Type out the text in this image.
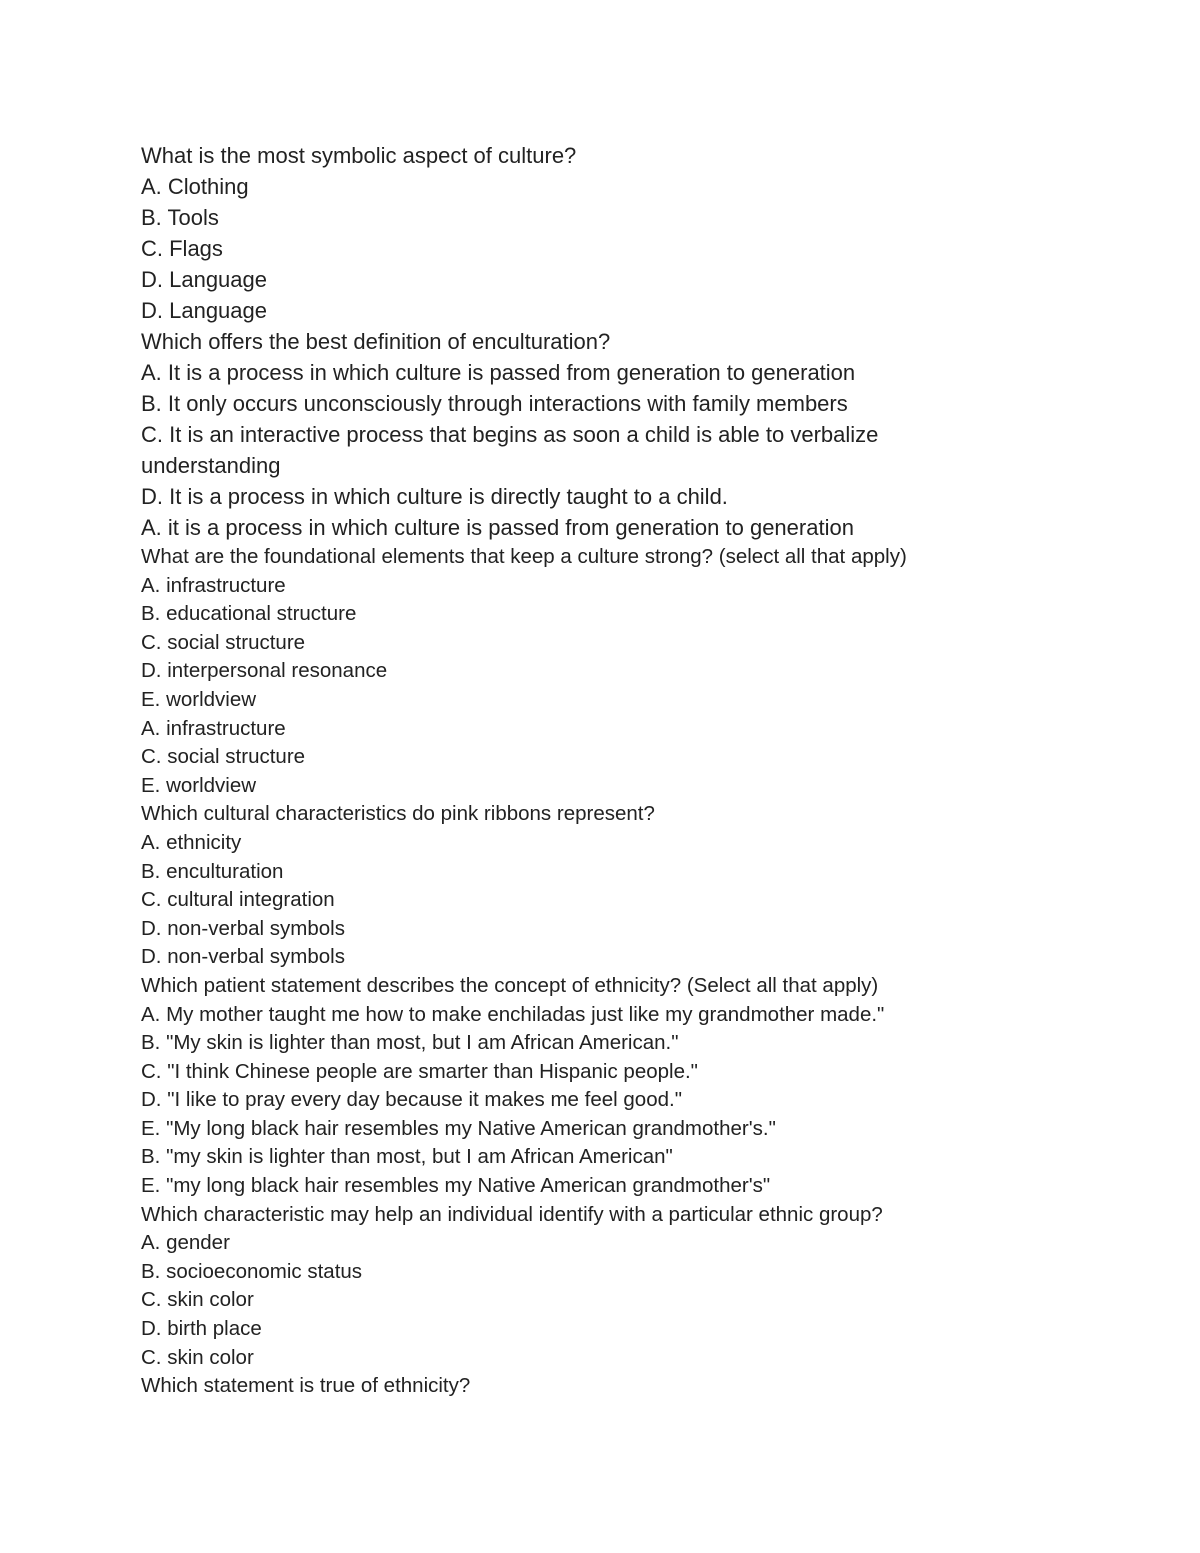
What is the most symbolic aspect of culture?
A. Clothing
B. Tools
C. Flags
D. Language
D. Language
Which offers the best definition of enculturation?
A. It is a process in which culture is passed from generation to generation
B. It only occurs unconsciously through interactions with family members
C. It is an interactive process that begins as soon a child is able to verbalize
understanding
D. It is a process in which culture is directly taught to a child.
A. it is a process in which culture is passed from generation to generation
What are the foundational elements that keep a culture strong? (select all that apply)
A. infrastructure
B. educational structure
C. social structure
D. interpersonal resonance
E. worldview
A. infrastructure
C. social structure
E. worldview
Which cultural characteristics do pink ribbons represent?
A. ethnicity
B. enculturation
C. cultural integration
D. non-verbal symbols
D. non-verbal symbols
Which patient statement describes the concept of ethnicity? (Select all that apply)
A. My mother taught me how to make enchiladas just like my grandmother made."
B. "My skin is lighter than most, but I am African American."
C. "I think Chinese people are smarter than Hispanic people."
D. "I like to pray every day because it makes me feel good."
E. "My long black hair resembles my Native American grandmother's."
B. "my skin is lighter than most, but I am African American"
E. "my long black hair resembles my Native American grandmother's"
Which characteristic may help an individual identify with a particular ethnic group?
A. gender
B. socioeconomic status
C. skin color
D. birth place
C. skin color
Which statement is true of ethnicity?
